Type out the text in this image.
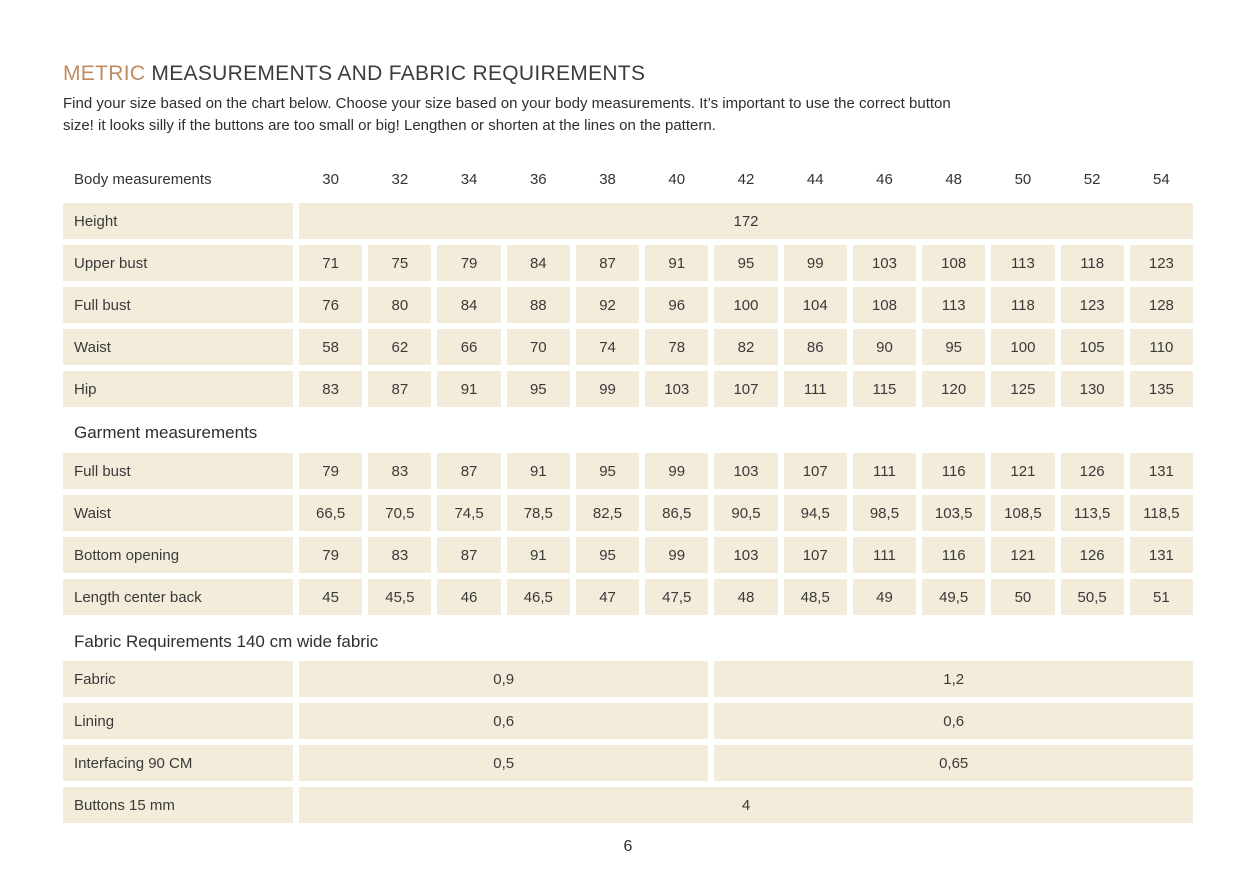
METRIC MEASUREMENTS AND FABRIC REQUIREMENTS

Find your size based on the chart below. Choose your size based on your body measurements. It’s important to use the correct button
size! it looks silly if the buttons are too small or big! Lengthen or shorten at the lines on the pattern.

Body measurements	30	32	34	36	38	40	42	44	46	48	50	52	54
Height	172
Upper bust	71	75	79	84	87	91	95	99	103	108	113	118	123
Full bust	76	80	84	88	92	96	100	104	108	113	118	123	128
Waist	58	62	66	70	74	78	82	86	90	95	100	105	110
Hip	83	87	91	95	99	103	107	111	115	120	125	130	135
Garment measurements
Full bust	79	83	87	91	95	99	103	107	111	116	121	126	131
Waist	66,5	70,5	74,5	78,5	82,5	86,5	90,5	94,5	98,5	103,5	108,5	113,5	118,5
Bottom opening	79	83	87	91	95	99	103	107	111	116	121	126	131
Length center back	45	45,5	46	46,5	47	47,5	48	48,5	49	49,5	50	50,5	51
Fabric Requirements 140 cm wide fabric
Fabric	0,9	1,2
Lining	0,6	0,6
Interfacing 90 CM	0,5	0,65
Buttons 15 mm	4
6
